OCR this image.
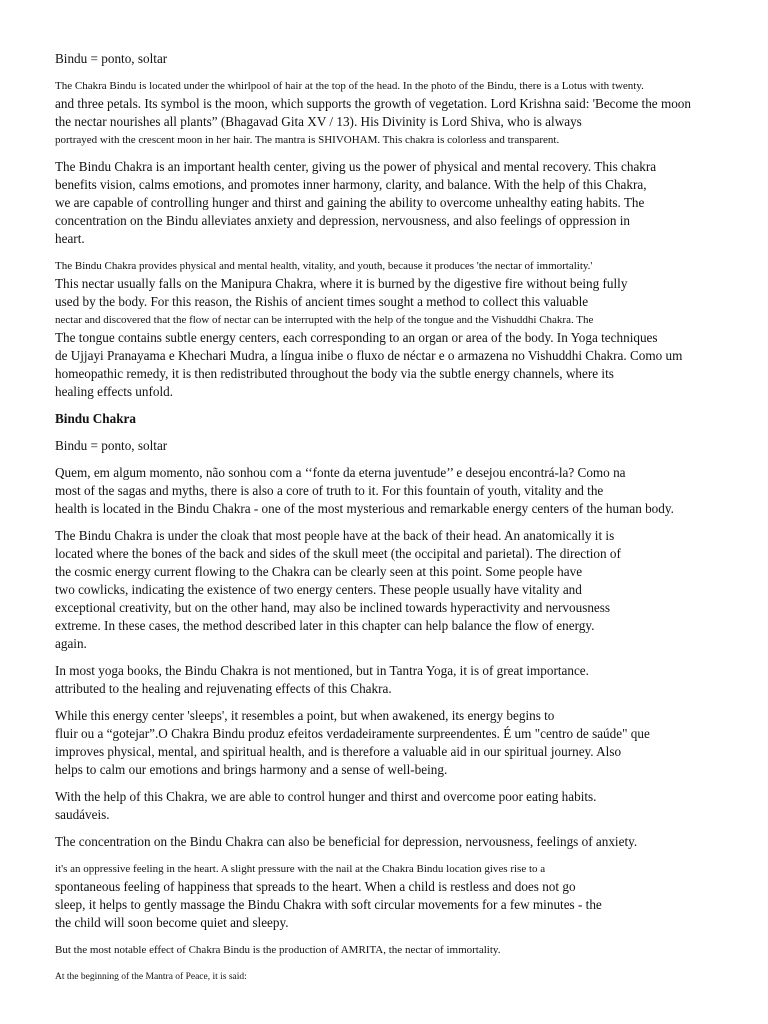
Bindu = ponto, soltar
The Chakra Bindu is located under the whirlpool of hair at the top of the head. In the photo of the Bindu, there is a Lotus with twenty.
and three petals. Its symbol is the moon, which supports the growth of vegetation. Lord Krishna said: 'Become the moon
the nectar nourishes all plants” (Bhagavad Gita XV / 13). His Divinity is Lord Shiva, who is always
portrayed with the crescent moon in her hair. The mantra is SHIVOHAM. This chakra is colorless and transparent.
The Bindu Chakra is an important health center, giving us the power of physical and mental recovery. This chakra
benefits vision, calms emotions, and promotes inner harmony, clarity, and balance. With the help of this Chakra,
we are capable of controlling hunger and thirst and gaining the ability to overcome unhealthy eating habits. The
concentration on the Bindu alleviates anxiety and depression, nervousness, and also feelings of oppression in
heart.
The Bindu Chakra provides physical and mental health, vitality, and youth, because it produces 'the nectar of immortality.'
This nectar usually falls on the Manipura Chakra, where it is burned by the digestive fire without being fully
used by the body. For this reason, the Rishis of ancient times sought a method to collect this valuable
nectar and discovered that the flow of nectar can be interrupted with the help of the tongue and the Vishuddhi Chakra. The
The tongue contains subtle energy centers, each corresponding to an organ or area of the body. In Yoga techniques
de Ujjayi Pranayama e Khechari Mudra, a língua inibe o fluxo de néctar e o armazena no Vishuddhi Chakra. Como um
homeopathic remedy, it is then redistributed throughout the body via the subtle energy channels, where its
healing effects unfold.
Bindu Chakra
Bindu = ponto, soltar
Quem, em algum momento, não sonhou com a ‘‘fonte da eterna juventude’’ e desejou encontrá-la? Como na
most of the sagas and myths, there is also a core of truth to it. For this fountain of youth, vitality and the
health is located in the Bindu Chakra - one of the most mysterious and remarkable energy centers of the human body.
The Bindu Chakra is under the cloak that most people have at the back of their head. An anatomically it is
located where the bones of the back and sides of the skull meet (the occipital and parietal). The direction of
the cosmic energy current flowing to the Chakra can be clearly seen at this point. Some people have
two cowlicks, indicating the existence of two energy centers. These people usually have vitality and
exceptional creativity, but on the other hand, may also be inclined towards hyperactivity and nervousness
extreme. In these cases, the method described later in this chapter can help balance the flow of energy.
again.
In most yoga books, the Bindu Chakra is not mentioned, but in Tantra Yoga, it is of great importance.
attributed to the healing and rejuvenating effects of this Chakra.
While this energy center 'sleeps', it resembles a point, but when awakened, its energy begins to
fluir ou a “gotejar”.O Chakra Bindu produz efeitos verdadeiramente surpreendentes. É um "centro de saúde" que
improves physical, mental, and spiritual health, and is therefore a valuable aid in our spiritual journey. Also
helps to calm our emotions and brings harmony and a sense of well-being.
With the help of this Chakra, we are able to control hunger and thirst and overcome poor eating habits.
saudáveis.
The concentration on the Bindu Chakra can also be beneficial for depression, nervousness, feelings of anxiety.
it's an oppressive feeling in the heart. A slight pressure with the nail at the Chakra Bindu location gives rise to a
spontaneous feeling of happiness that spreads to the heart. When a child is restless and does not go
sleep, it helps to gently massage the Bindu Chakra with soft circular movements for a few minutes - the
the child will soon become quiet and sleepy.
But the most notable effect of Chakra Bindu is the production of AMRITA, the nectar of immortality.
At the beginning of the Mantra of Peace, it is said:
